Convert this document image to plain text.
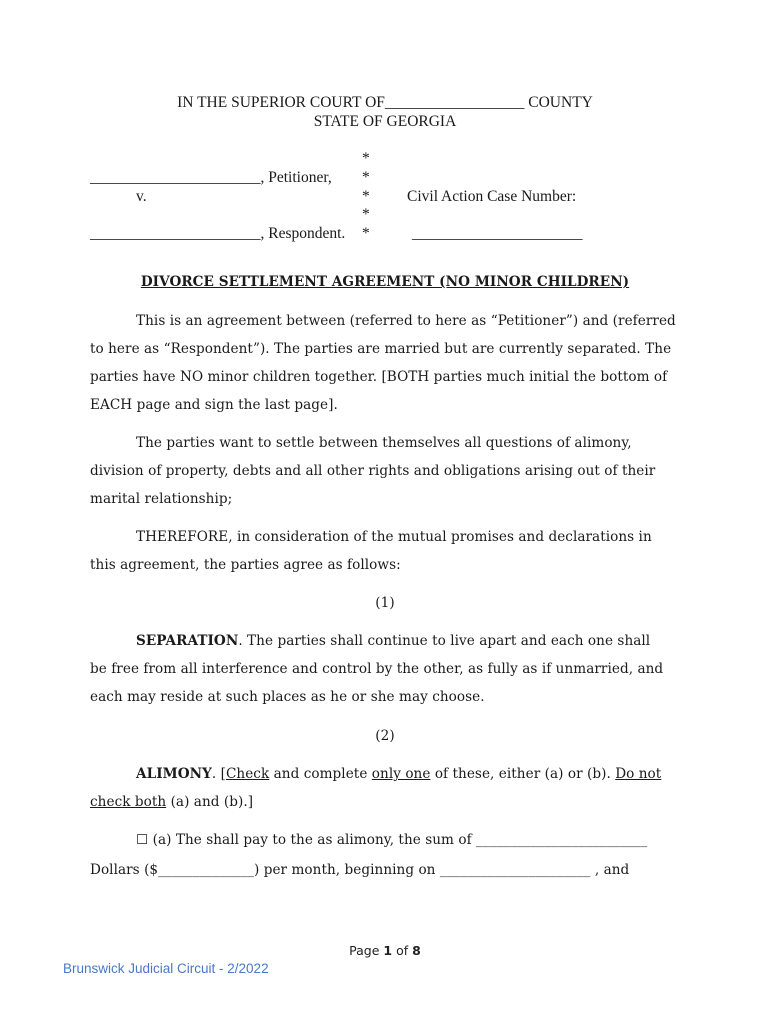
IN THE SUPERIOR COURT OF__________________ COUNTY
STATE OF GEORGIA
*
______________________, Petitioner, *
v.	* Civil Action Case Number:
*
______________________, Respondent. *	______________________
DIVORCE SETTLEMENT AGREEMENT (NO MINOR CHILDREN)
This is an agreement between (referred to here as “Petitioner”) and (referred
to here as “Respondent”). The parties are married but are currently separated. The
parties have NO minor children together. [BOTH parties much initial the bottom of
EACH page and sign the last page].
The parties want to settle between themselves all questions of alimony,
division of property, debts and all other rights and obligations arising out of their
marital relationship;
THEREFORE, in consideration of the mutual promises and declarations in
this agreement, the parties agree as follows:
(1)
SEPARATION. The parties shall continue to live apart and each one shall
be free from all interference and control by the other, as fully as if unmarried, and
each may reside at such places as he or she may choose.
(2)
ALIMONY. [Check and complete only one of these, either (a) or (b). Do not
check both (a) and (b).]
☐ (a) The shall pay to the as alimony, the sum of _________________________
Dollars ($______________) per month, beginning on ______________________ , and
Page 1 of 8
Brunswick Judicial Circuit - 2/2022
